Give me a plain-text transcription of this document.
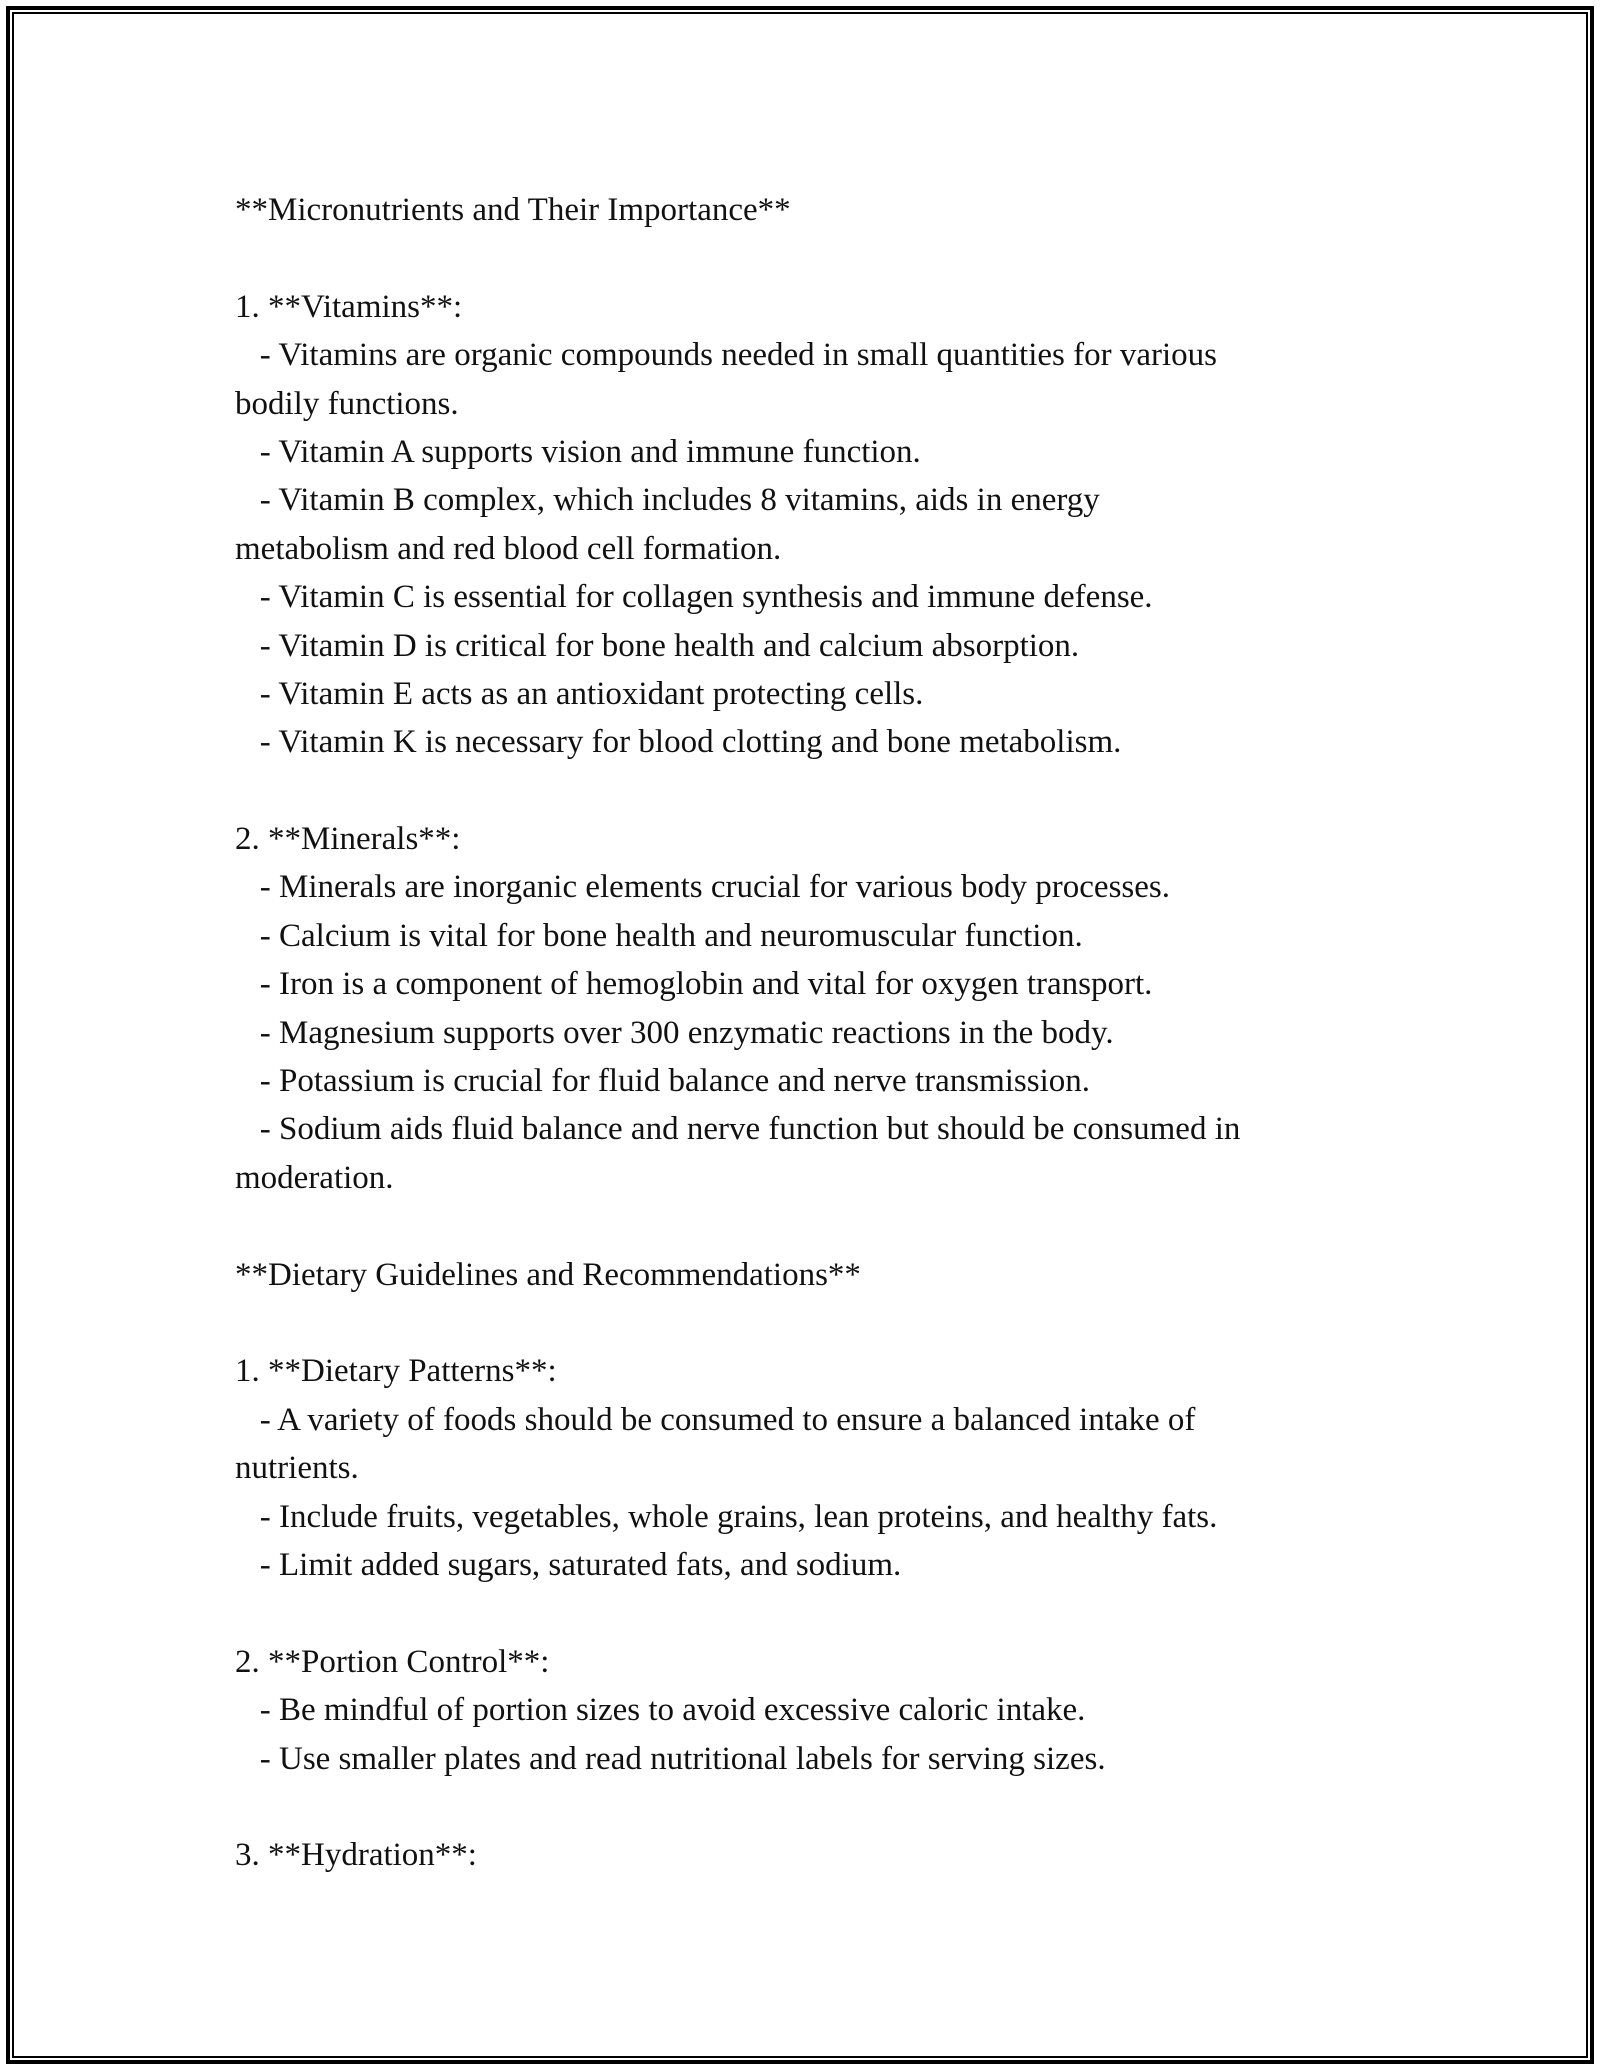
**Micronutrients and Their Importance**
1. **Vitamins**:
- Vitamins are organic compounds needed in small quantities for various
bodily functions.
- Vitamin A supports vision and immune function.
- Vitamin B complex, which includes 8 vitamins, aids in energy
metabolism and red blood cell formation.
- Vitamin C is essential for collagen synthesis and immune defense.
- Vitamin D is critical for bone health and calcium absorption.
- Vitamin E acts as an antioxidant protecting cells.
- Vitamin K is necessary for blood clotting and bone metabolism.
2. **Minerals**:
- Minerals are inorganic elements crucial for various body processes.
- Calcium is vital for bone health and neuromuscular function.
- Iron is a component of hemoglobin and vital for oxygen transport.
- Magnesium supports over 300 enzymatic reactions in the body.
- Potassium is crucial for fluid balance and nerve transmission.
- Sodium aids fluid balance and nerve function but should be consumed in
moderation.
**Dietary Guidelines and Recommendations**
1. **Dietary Patterns**:
- A variety of foods should be consumed to ensure a balanced intake of
nutrients.
- Include fruits, vegetables, whole grains, lean proteins, and healthy fats.
- Limit added sugars, saturated fats, and sodium.
2. **Portion Control**:
- Be mindful of portion sizes to avoid excessive caloric intake.
- Use smaller plates and read nutritional labels for serving sizes.
3. **Hydration**:
